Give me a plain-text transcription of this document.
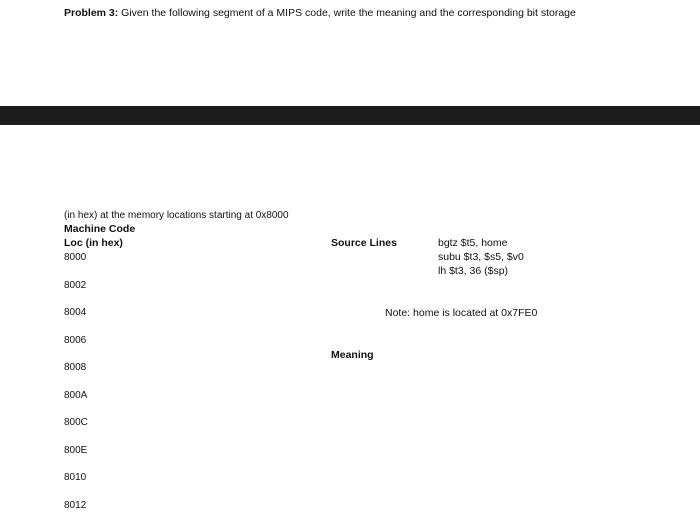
Problem 3: Given the following segment of a MIPS code, write the meaning and the corresponding bit storage
(in hex) at the memory locations starting at 0x8000
Machine Code
Loc (in hex)
8000
8002
8004
8006
8008
800A
800C
800E
8010
8012
Source Lines	bgtz $t5, home
subu $t3, $s5, $v0
lh $t3, 36 ($sp)
Note: home is located at 0x7FE0
Meaning
